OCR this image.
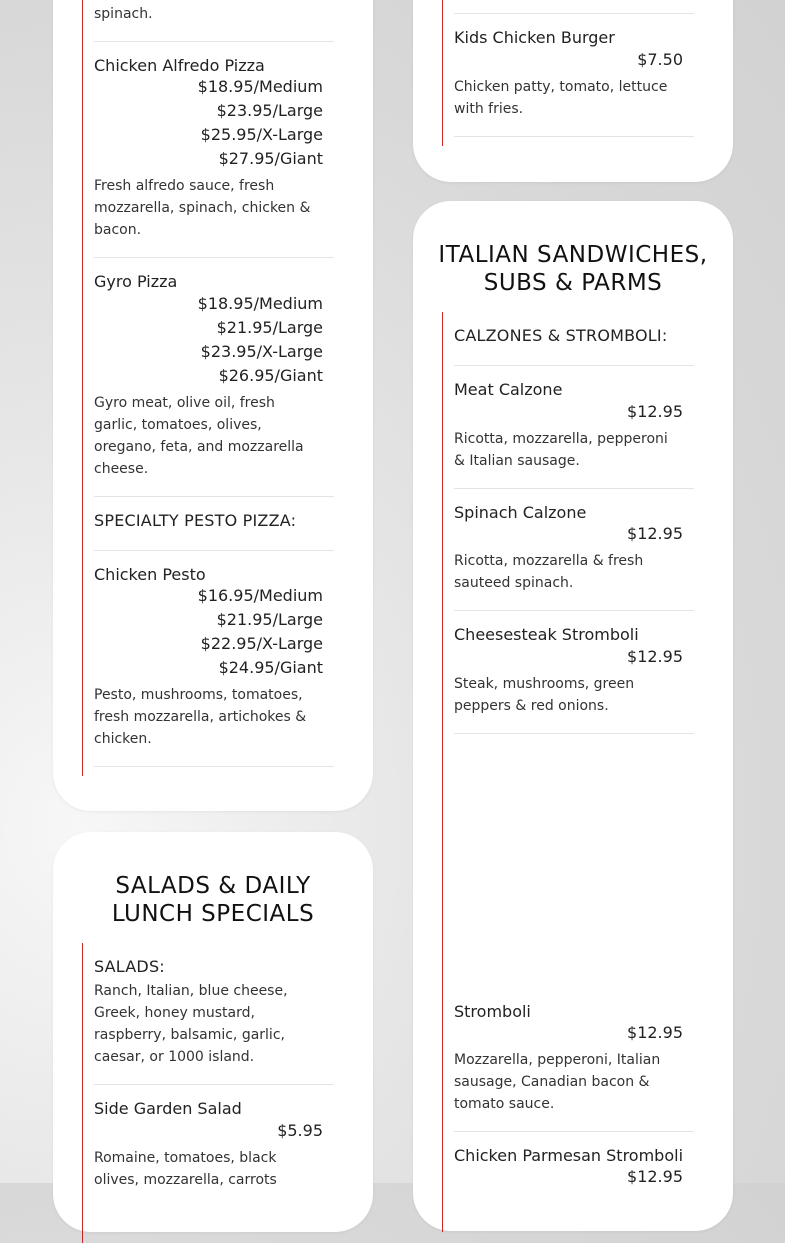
spinach.
Chicken Alfredo Pizza
$18.95/Medium
$23.95/Large
$25.95/X-Large
$27.95/Giant
Fresh alfredo sauce, fresh mozzarella, spinach, chicken & bacon.
Gyro Pizza
$18.95/Medium
$21.95/Large
$23.95/X-Large
$26.95/Giant
Gyro meat, olive oil, fresh garlic, tomatoes, olives, oregano, feta, and mozzarella cheese.
SPECIALTY PESTO PIZZA:
Chicken Pesto
$16.95/Medium
$21.95/Large
$22.95/X-Large
$24.95/Giant
Pesto, mushrooms, tomatoes, fresh mozzarella, artichokes & chicken.
SALADS & DAILY
LUNCH SPECIALS
SALADS:
Ranch, Italian, blue cheese, Greek, honey mustard, raspberry, balsamic, garlic, caesar, or 1000 island.
Side Garden Salad
$5.95
Romaine, tomatoes, black olives, mozzarella, carrots
Kids Chicken Burger
$7.50
Chicken patty, tomato, lettuce with fries.
ITALIAN SANDWICHES,
SUBS & PARMS
CALZONES & STROMBOLI:
Meat Calzone
$12.95
Ricotta, mozzarella, pepperoni & Italian sausage.
Spinach Calzone
$12.95
Ricotta, mozzarella & fresh sauteed spinach.
Cheesesteak Stromboli
$12.95
Steak, mushrooms, green peppers & red onions.
Stromboli
$12.95
Mozzarella, pepperoni, Italian sausage, Canadian bacon & tomato sauce.
Chicken Parmesan Stromboli
$12.95
